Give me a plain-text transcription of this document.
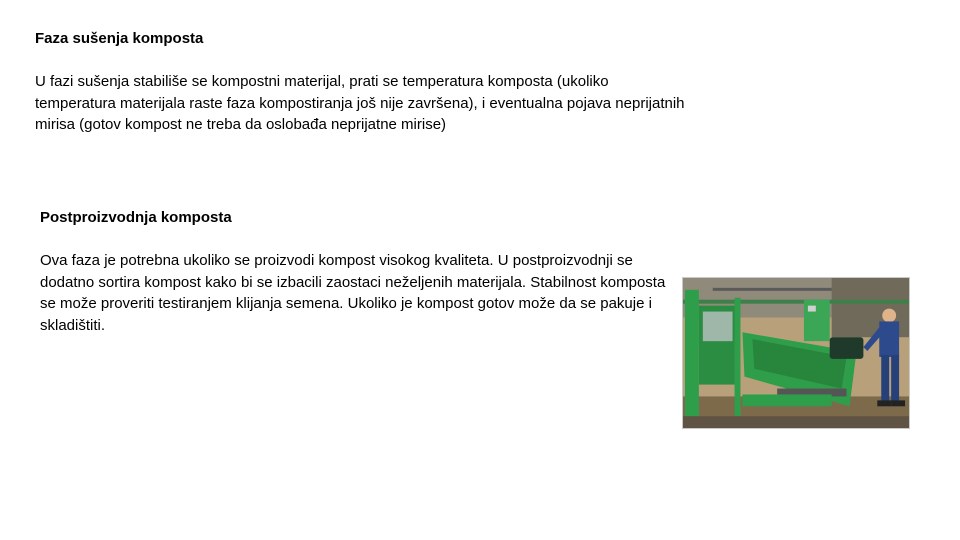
Faza sušenja komposta

U fazi sušenja stabiliše se kompostni materijal, prati se temperatura komposta (ukoliko temperatura materijala raste faza kompostiranja još nije završena), i eventualna pojava neprijatnih mirisa (gotov kompost ne treba da oslobađa neprijatne mirise)

Postproizvodnja komposta

Ova faza je potrebna ukoliko se proizvodi kompost visokog kvaliteta. U postproizvodnji se dodatno sortira kompost kako bi se izbacili zaostaci neželjenih materijala. Stabilnost komposta se može proveriti testiranjem klijanja semena. Ukoliko je kompost gotov može da se pakuje i skladištiti.
